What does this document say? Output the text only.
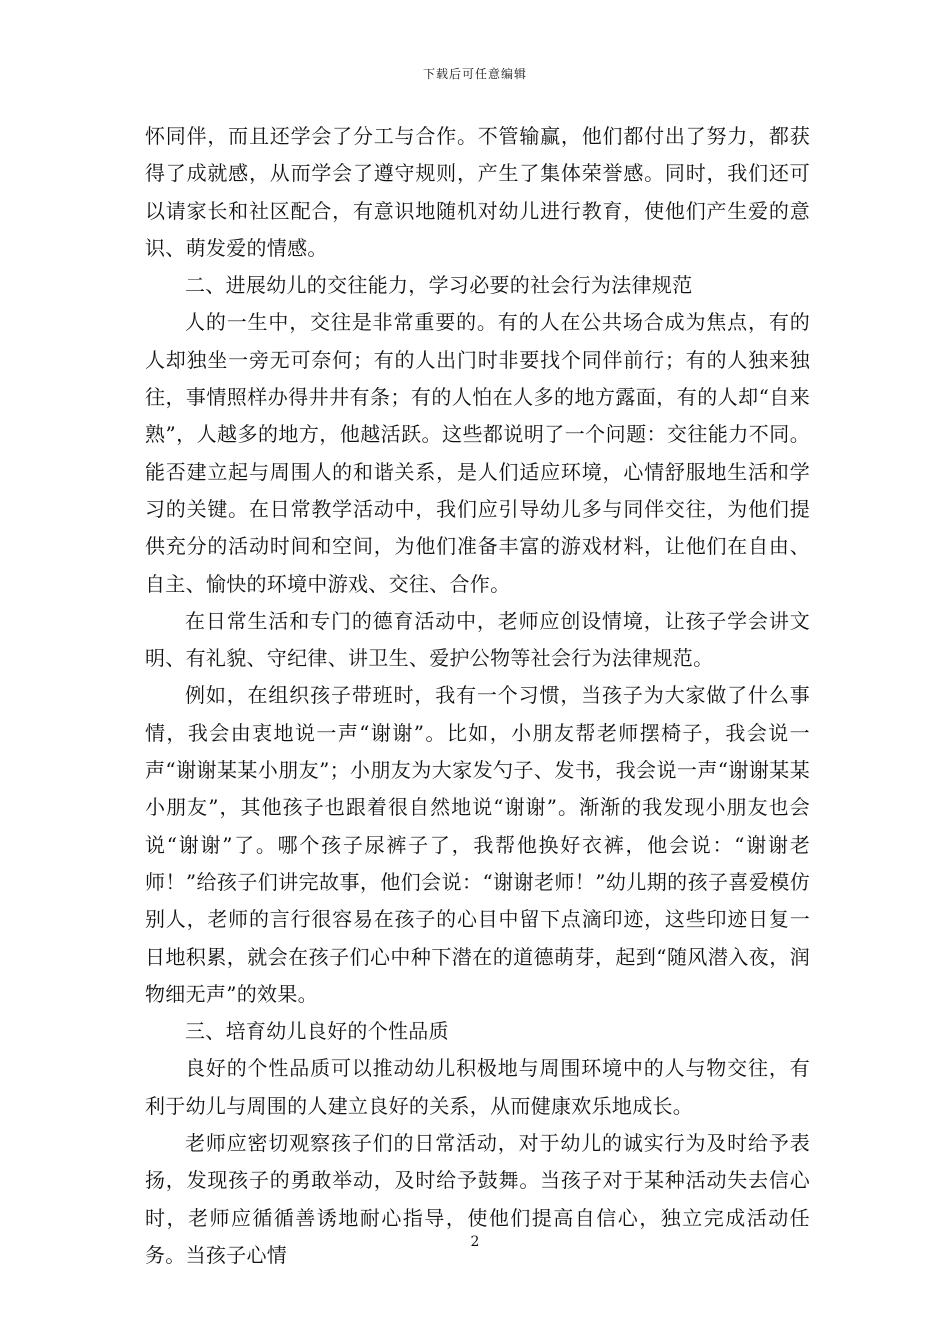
下载后可任意编辑

怀同伴，而且还学会了分工与合作。不管输赢，他们都付出了努力，都获得了成就感，从而学会了遵守规则，产生了集体荣誉感。同时，我们还可以请家长和社区配合，有意识地随机对幼儿进行教育，使他们产生爱的意识、萌发爱的情感。

二、进展幼儿的交往能力，学习必要的社会行为法律规范

人的一生中，交往是非常重要的。有的人在公共场合成为焦点，有的人却独坐一旁无可奈何；有的人出门时非要找个同伴前行；有的人独来独往，事情照样办得井井有条；有的人怕在人多的地方露面，有的人却“自来熟”，人越多的地方，他越活跃。这些都说明了一个问题：交往能力不同。能否建立起与周围人的和谐关系，是人们适应环境，心情舒服地生活和学习的关键。在日常教学活动中，我们应引导幼儿多与同伴交往，为他们提供充分的活动时间和空间，为他们准备丰富的游戏材料，让他们在自由、自主、愉快的环境中游戏、交往、合作。

在日常生活和专门的德育活动中，老师应创设情境，让孩子学会讲文明、有礼貌、守纪律、讲卫生、爱护公物等社会行为法律规范。

例如，在组织孩子带班时，我有一个习惯，当孩子为大家做了什么事情，我会由衷地说一声“谢谢”。比如，小朋友帮老师摆椅子，我会说一声“谢谢某某小朋友”；小朋友为大家发勺子、发书，我会说一声“谢谢某某小朋友”，其他孩子也跟着很自然地说“谢谢”。渐渐的我发现小朋友也会说“谢谢”了。哪个孩子尿裤子了，我帮他换好衣裤，他会说：“谢谢老师！”给孩子们讲完故事，他们会说：“谢谢老师！”幼儿期的孩子喜爱模仿别人，老师的言行很容易在孩子的心目中留下点滴印迹，这些印迹日复一日地积累，就会在孩子们心中种下潜在的道德萌芽，起到“随风潜入夜，润物细无声”的效果。

三、培育幼儿良好的个性品质

良好的个性品质可以推动幼儿积极地与周围环境中的人与物交往，有利于幼儿与周围的人建立良好的关系，从而健康欢乐地成长。

老师应密切观察孩子们的日常活动，对于幼儿的诚实行为及时给予表扬，发现孩子的勇敢举动，及时给予鼓舞。当孩子对于某种活动失去信心时，老师应循循善诱地耐心指导，使他们提高自信心，独立完成活动任务。当孩子心情

2
